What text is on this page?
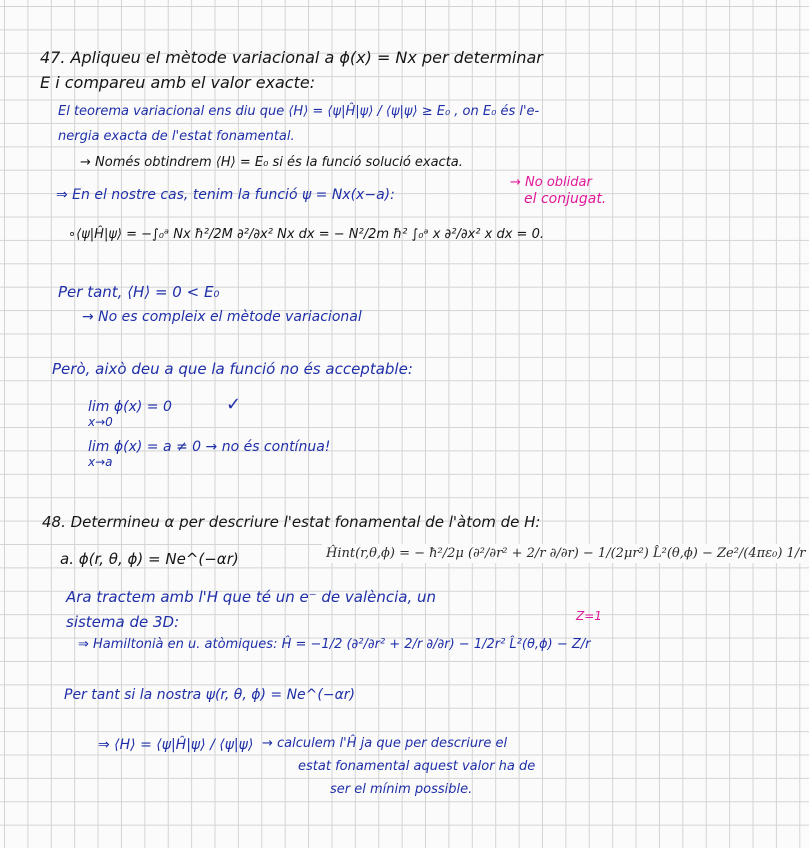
47. Apliqueu el mètode variacional a ɸ(x) = Nx per determinar
E i compareu amb el valor exacte:
El teorema variacional ens diu que ⟨H⟩ = ⟨ψ|Ĥ|ψ⟩ / ⟨ψ|ψ⟩ ≥ E₀ , on E₀ és l'e-
nergia exacta de l'estat fonamental.
→ Només obtindrem ⟨H⟩ = E₀ si és la funció solució exacta.
⇒ En el nostre cas, tenim la funció ψ = Nx(x−a):
→ No oblidar
el conjugat.
∘⟨ψ|Ĥ|ψ⟩ = −∫₀ᵃ Nx ħ²/2M ∂²/∂x² Nx dx = − N²/2m ħ² ∫₀ᵃ x ∂²/∂x² x dx = 0.
Per tant, ⟨H⟩ = 0 < E₀
→ No es compleix el mètode variacional
Però, això deu a que la funció no és acceptable:
lim ɸ(x) = 0
x→0
✓
lim ɸ(x) = a ≠ 0 → no és contínua!
x→a
48. Determineu α per descriure l'estat fonamental de l'àtom de H:
a. ɸ(r, θ, ɸ) = Ne^(−αr)	Ĥint(r,θ,ϕ) = − ħ²/2μ (∂²/∂r² + 2/r ∂/∂r) − 1/(2μr²) L̂²(θ,ϕ) − Ze²/(4πε₀) 1/r
Ara tractem amb l'H que té un e⁻ de valència, un
sistema de 3D:	Z=1
⇒ Hamiltonià en u. atòmiques: Ĥ = −1/2 (∂²/∂r² + 2/r ∂/∂r) − 1/2r² L̂²(θ,ɸ) − Z/r
Per tant si la nostra ψ(r, θ, ɸ) = Ne^(−αr)
⇒ ⟨H⟩ = ⟨ψ|Ĥ|ψ⟩ / ⟨ψ|ψ⟩ → calculem l'Ĥ ja que per descriure el
estat fonamental aquest valor ha de
ser el mínim possible.
